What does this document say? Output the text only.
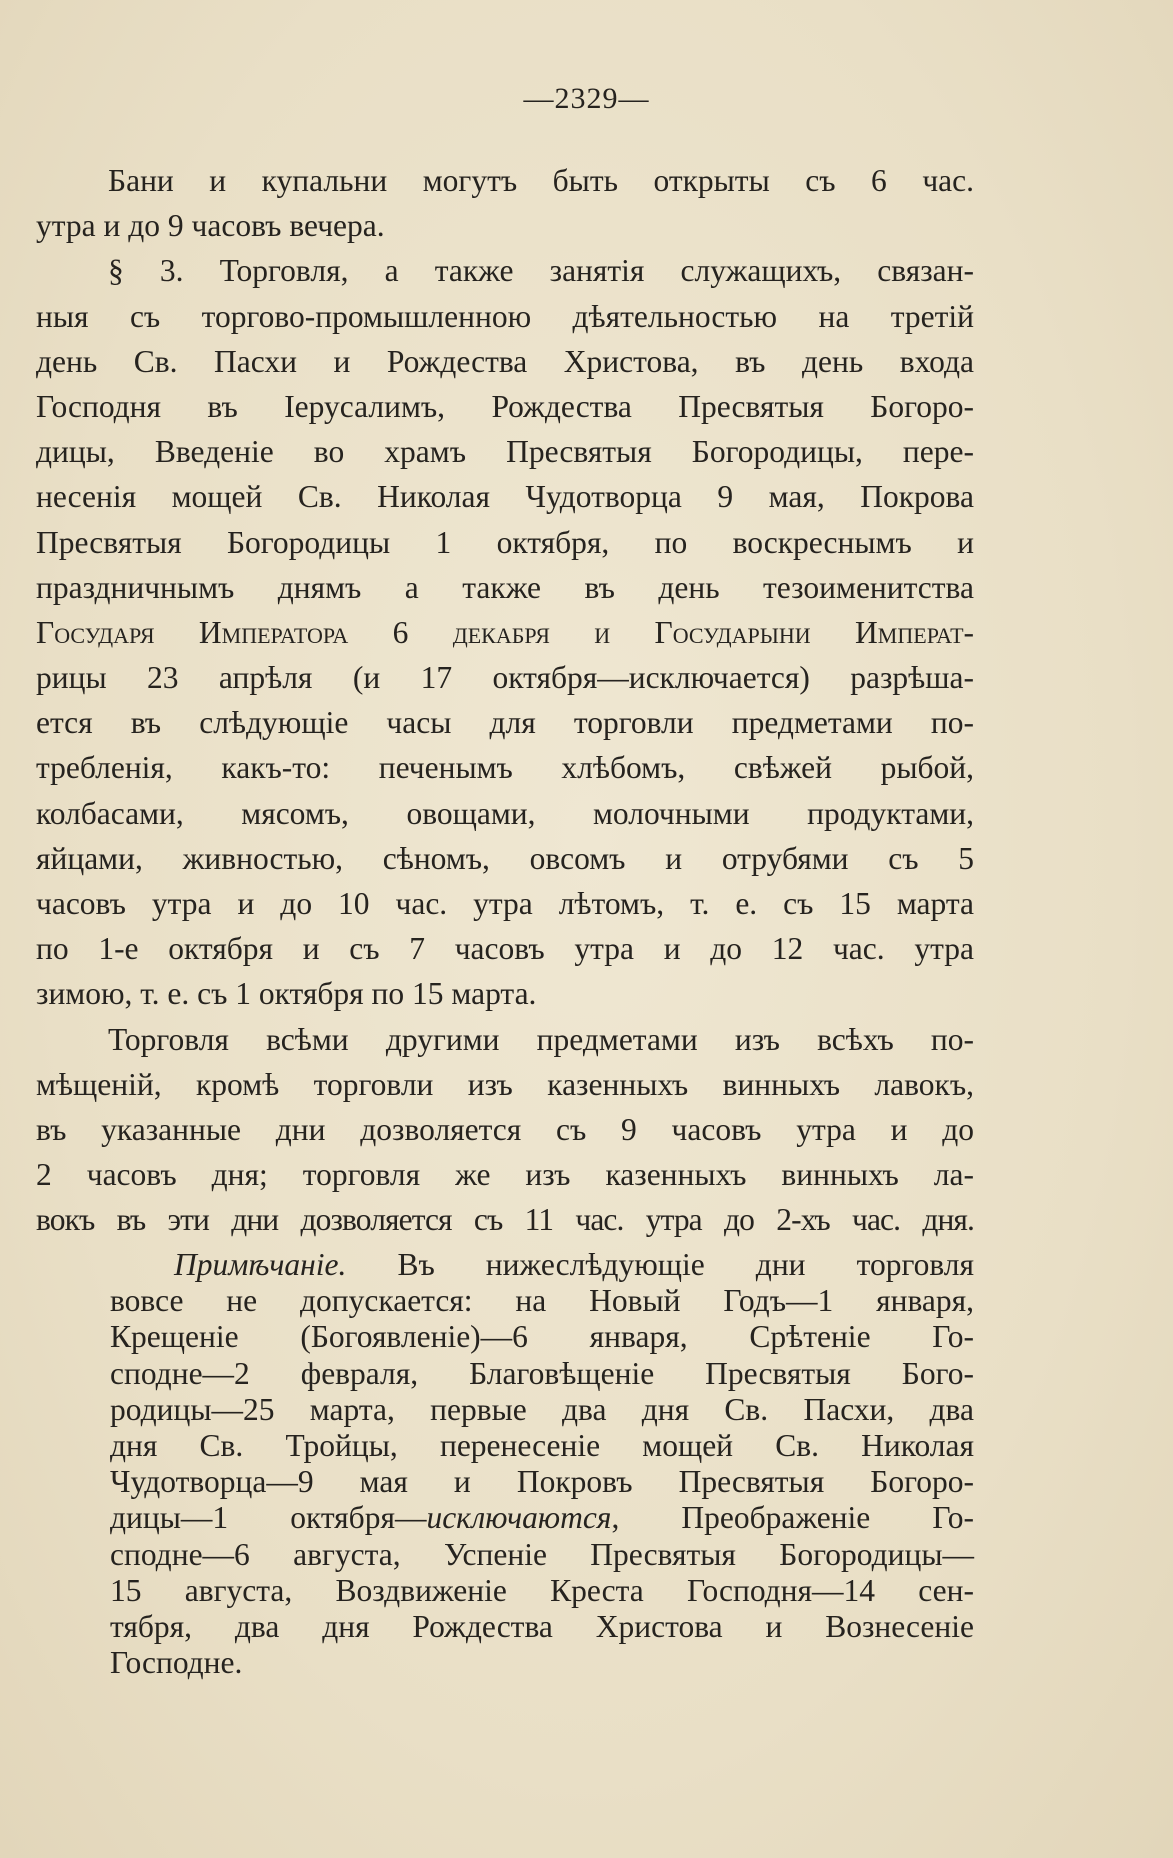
—2329—
Бани и купальни могутъ быть открыты съ 6 час.
утра и до 9 часовъ вечера.
§ 3. Торговля, а также занятія служащихъ, связан-
ныя съ торгово-промышленною дѣятельностью на третій
день Св. Пасхи и Рождества Христова, въ день входа
Господня въ Іерусалимъ, Рождества Пресвятыя Богоро-
дицы, Введеніе во храмъ Пресвятыя Богородицы, пере-
несенія мощей Св. Николая Чудотворца 9 мая, Покрова
Пресвятыя Богородицы 1 октября, по воскреснымъ и
праздничнымъ днямъ а также въ день тезоименитства
Государя Императора 6 декабря и Государыни Императ-
рицы 23 апрѣля (и 17 октября—исключается) разрѣша-
ется въ слѣдующіе часы для торговли предметами по-
требленія, какъ-то: печенымъ хлѣбомъ, свѣжей рыбой,
колбасами, мясомъ, овощами, молочными продуктами,
яйцами, живностью, сѣномъ, овсомъ и отрубями съ 5
часовъ утра и до 10 час. утра лѣтомъ, т. е. съ 15 марта
по 1-е октября и съ 7 часовъ утра и до 12 час. утра
зимою, т. е. съ 1 октября по 15 марта.
Торговля всѣми другими предметами изъ всѣхъ по-
мѣщеній, кромѣ торговли изъ казенныхъ винныхъ лавокъ,
въ указанные дни дозволяется съ 9 часовъ утра и до
2 часовъ дня; торговля же изъ казенныхъ винныхъ ла-
вокъ въ эти дни дозволяется съ 11 час. утра до 2-хъ час. дня.
Примѣчаніе. Въ нижеслѣдующіе дни торговля
вовсе не допускается: на Новый Годъ—1 января,
Крещеніе (Богоявленіе)—6 января, Срѣтеніе Го-
сподне—2 февраля, Благовѣщеніе Пресвятыя Бого-
родицы—25 марта, первые два дня Св. Пасхи, два
дня Св. Тройцы, перенесеніе мощей Св. Николая
Чудотворца—9 мая и Покровъ Пресвятыя Богоро-
дицы—1 октября—исключаются, Преображеніе Го-
сподне—6 августа, Успеніе Пресвятыя Богородицы—
15 августа, Воздвиженіе Креста Господня—14 сен-
тября, два дня Рождества Христова и Вознесеніе
Господне.
